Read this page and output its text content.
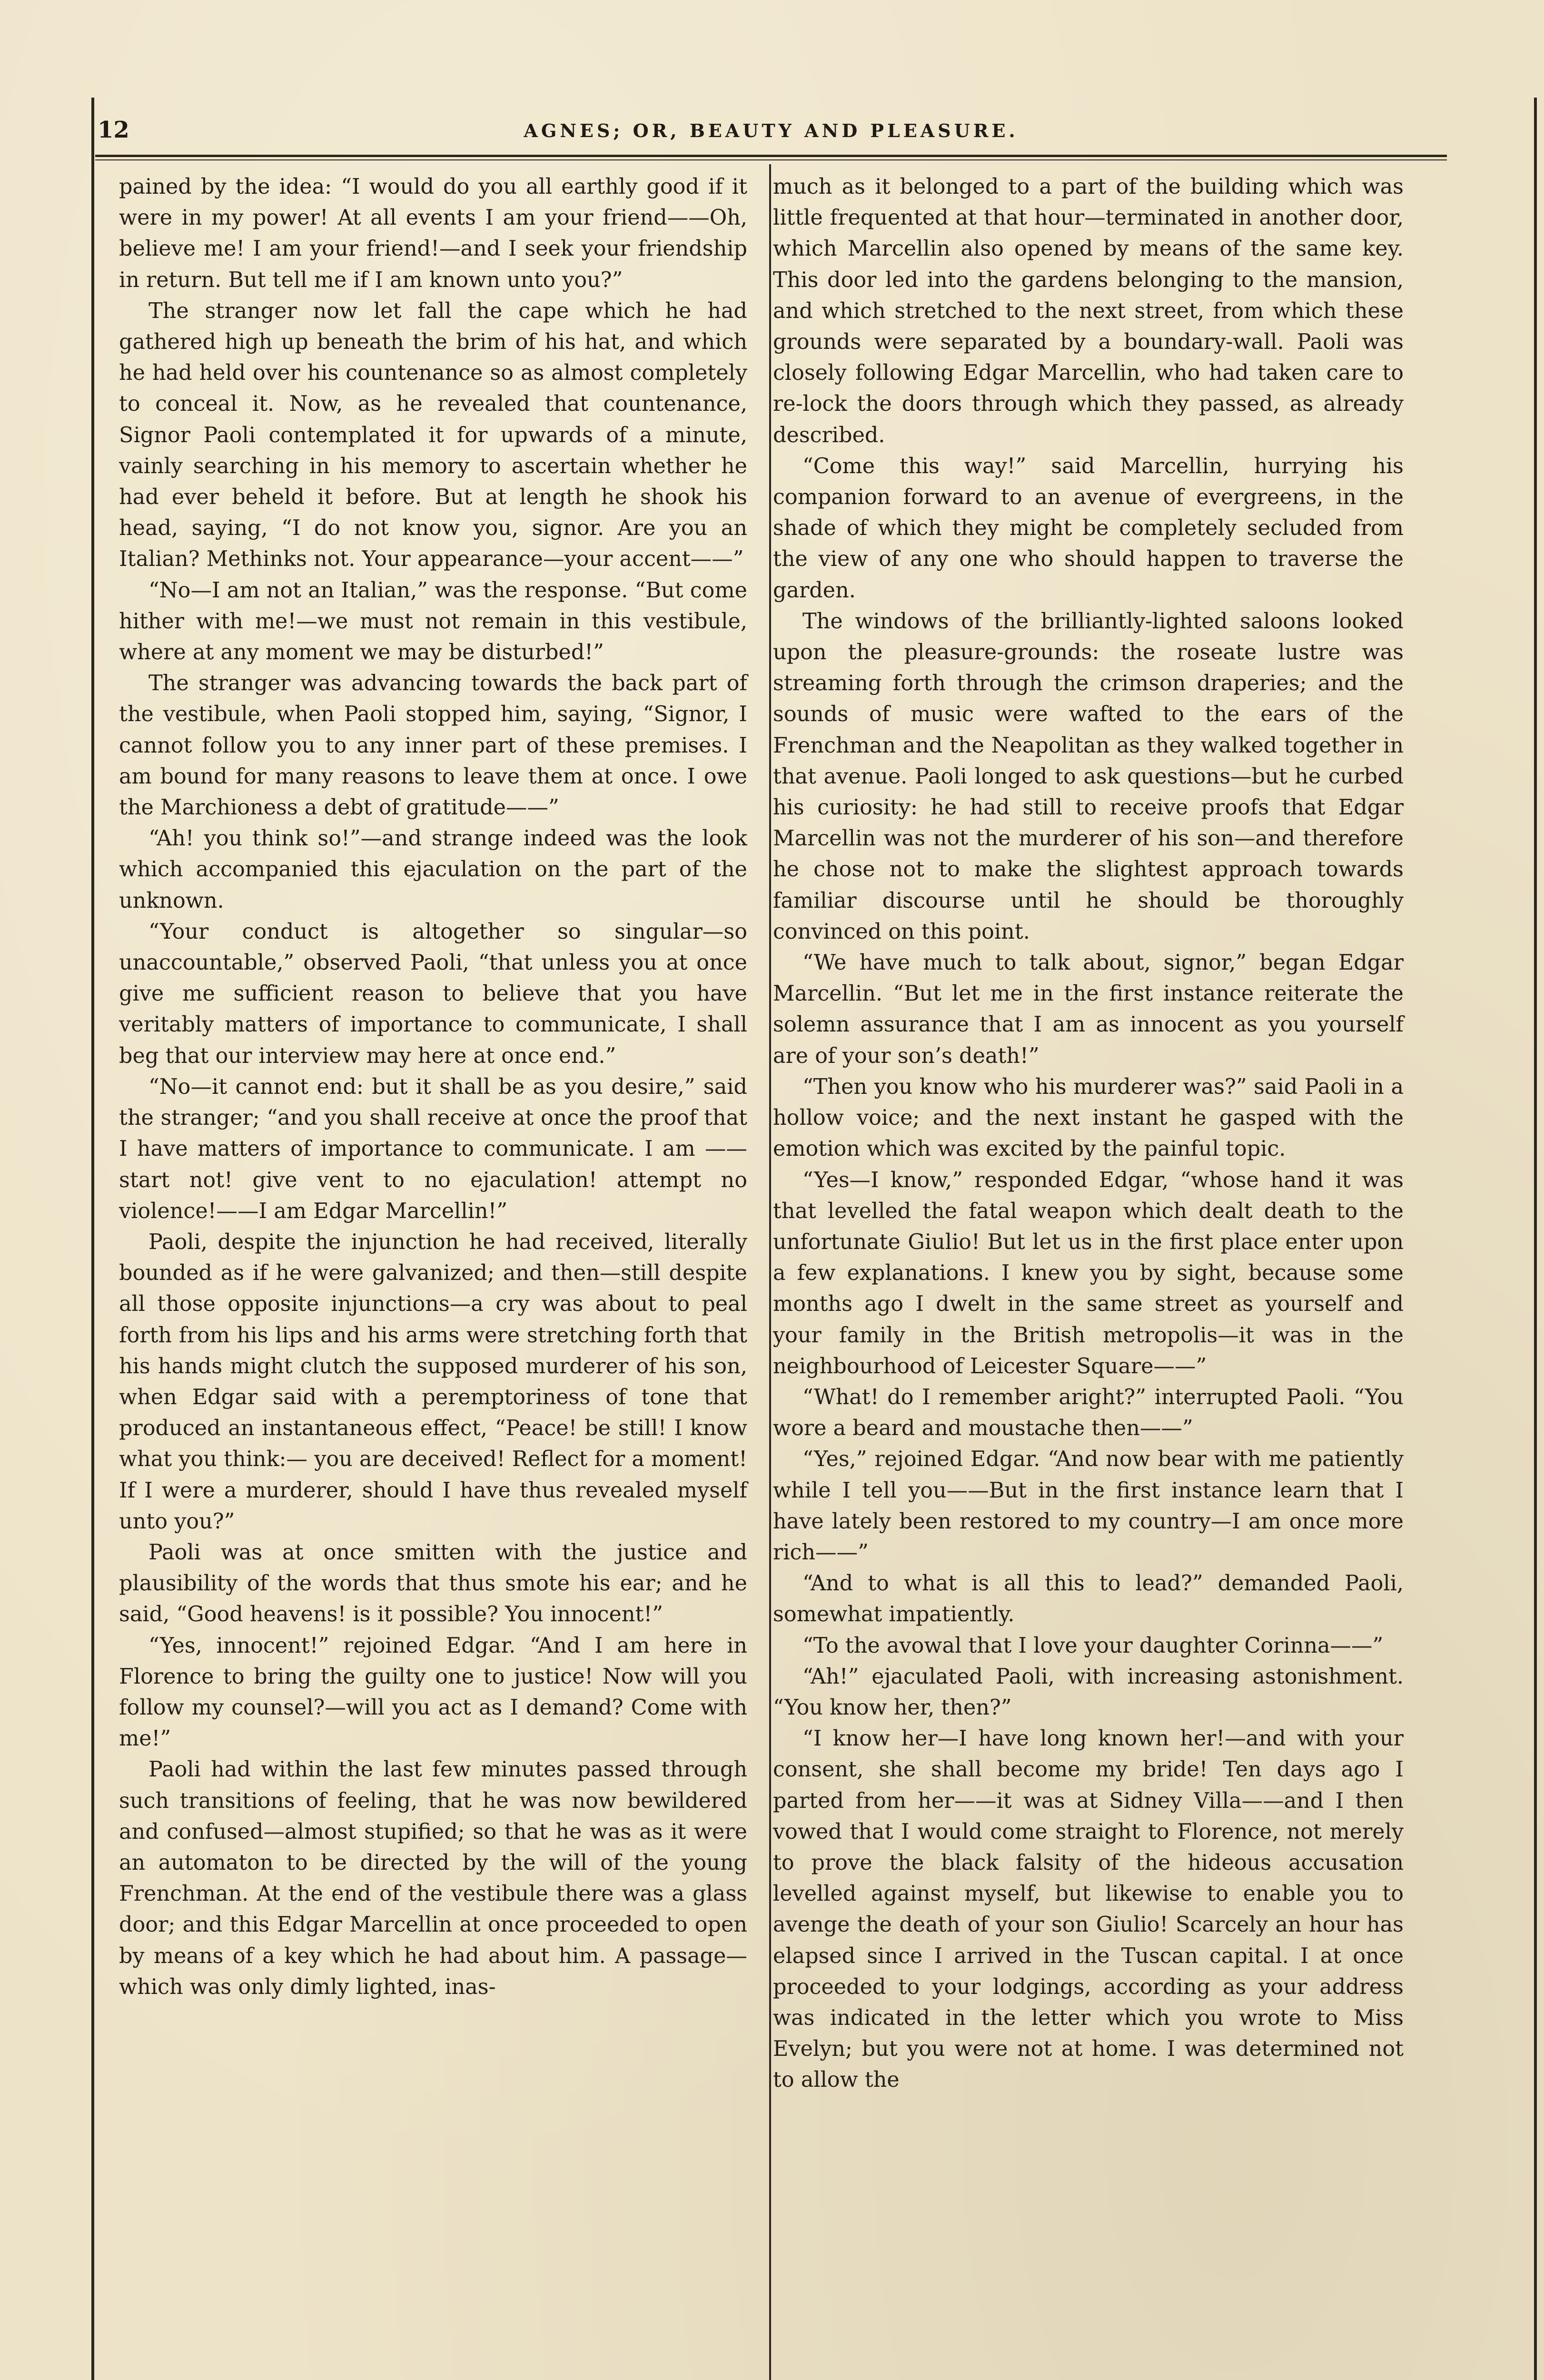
12	AGNES; OR, BEAUTY AND PLEASURE.

pained by the idea: “I would do you all earthly good if it were in my power! At all events I am your friend——Oh, believe me! I am your friend!—and I seek your friendship in return. But tell me if I am known unto you?”

The stranger now let fall the cape which he had gathered high up beneath the brim of his hat, and which he had held over his countenance so as almost completely to conceal it. Now, as he revealed that countenance, Signor Paoli contemplated it for upwards of a minute, vainly searching in his memory to ascertain whether he had ever beheld it before. But at length he shook his head, saying, “I do not know you, signor. Are you an Italian? Methinks not. Your appearance—your accent——”

“No—I am not an Italian,” was the response. “But come hither with me!—we must not remain in this vestibule, where at any moment we may be disturbed!”

The stranger was advancing towards the back part of the vestibule, when Paoli stopped him, saying, “Signor, I cannot follow you to any inner part of these premises. I am bound for many reasons to leave them at once. I owe the Marchioness a debt of gratitude——”

“Ah! you think so!”—and strange indeed was the look which accompanied this ejaculation on the part of the unknown.

“Your conduct is altogether so singular—so unaccountable,” observed Paoli, “that unless you at once give me sufficient reason to believe that you have veritably matters of importance to communicate, I shall beg that our interview may here at once end.”

“No—it cannot end: but it shall be as you desire,” said the stranger; “and you shall receive at once the proof that I have matters of importance to communicate. I am —— start not! give vent to no ejaculation! attempt no violence!——I am Edgar Marcellin!”

Paoli, despite the injunction he had received, literally bounded as if he were galvanized; and then—still despite all those opposite injunctions—a cry was about to peal forth from his lips and his arms were stretching forth that his hands might clutch the supposed murderer of his son, when Edgar said with a peremptoriness of tone that produced an instantaneous effect, “Peace! be still! I know what you think:— you are deceived! Reflect for a moment! If I were a murderer, should I have thus revealed myself unto you?”

Paoli was at once smitten with the justice and plausibility of the words that thus smote his ear; and he said, “Good heavens! is it possible? You innocent!”

“Yes, innocent!” rejoined Edgar. “And I am here in Florence to bring the guilty one to justice! Now will you follow my counsel?—will you act as I demand? Come with me!”

Paoli had within the last few minutes passed through such transitions of feeling, that he was now bewildered and confused—almost stupified; so that he was as it were an automaton to be directed by the will of the young Frenchman. At the end of the vestibule there was a glass door; and this Edgar Marcellin at once proceeded to open by means of a key which he had about him. A passage—which was only dimly lighted, inas-

much as it belonged to a part of the building which was little frequented at that hour—terminated in another door, which Marcellin also opened by means of the same key. This door led into the gardens belonging to the mansion, and which stretched to the next street, from which these grounds were separated by a boundary-wall. Paoli was closely following Edgar Marcellin, who had taken care to re-lock the doors through which they passed, as already described.

“Come this way!” said Marcellin, hurrying his companion forward to an avenue of evergreens, in the shade of which they might be completely secluded from the view of any one who should happen to traverse the garden.

The windows of the brilliantly-lighted saloons looked upon the pleasure-grounds: the roseate lustre was streaming forth through the crimson draperies; and the sounds of music were wafted to the ears of the Frenchman and the Neapolitan as they walked together in that avenue. Paoli longed to ask questions—but he curbed his curiosity: he had still to receive proofs that Edgar Marcellin was not the murderer of his son—and therefore he chose not to make the slightest approach towards familiar discourse until he should be thoroughly convinced on this point.

“We have much to talk about, signor,” began Edgar Marcellin. “But let me in the first instance reiterate the solemn assurance that I am as innocent as you yourself are of your son’s death!”

“Then you know who his murderer was?” said Paoli in a hollow voice; and the next instant he gasped with the emotion which was excited by the painful topic.

“Yes—I know,” responded Edgar, “whose hand it was that levelled the fatal weapon which dealt death to the unfortunate Giulio! But let us in the first place enter upon a few explanations. I knew you by sight, because some months ago I dwelt in the same street as yourself and your family in the British metropolis—it was in the neighbourhood of Leicester Square——”

“What! do I remember aright?” interrupted Paoli. “You wore a beard and moustache then——”

“Yes,” rejoined Edgar. “And now bear with me patiently while I tell you——But in the first instance learn that I have lately been restored to my country—I am once more rich——”

“And to what is all this to lead?” demanded Paoli, somewhat impatiently.

“To the avowal that I love your daughter Corinna——”

“Ah!” ejaculated Paoli, with increasing astonishment. “You know her, then?”

“I know her—I have long known her!—and with your consent, she shall become my bride! Ten days ago I parted from her——it was at Sidney Villa——and I then vowed that I would come straight to Florence, not merely to prove the black falsity of the hideous accusation levelled against myself, but likewise to enable you to avenge the death of your son Giulio! Scarcely an hour has elapsed since I arrived in the Tuscan capital. I at once proceeded to your lodgings, according as your address was indicated in the letter which you wrote to Miss Evelyn; but you were not at home. I was determined not to allow the
